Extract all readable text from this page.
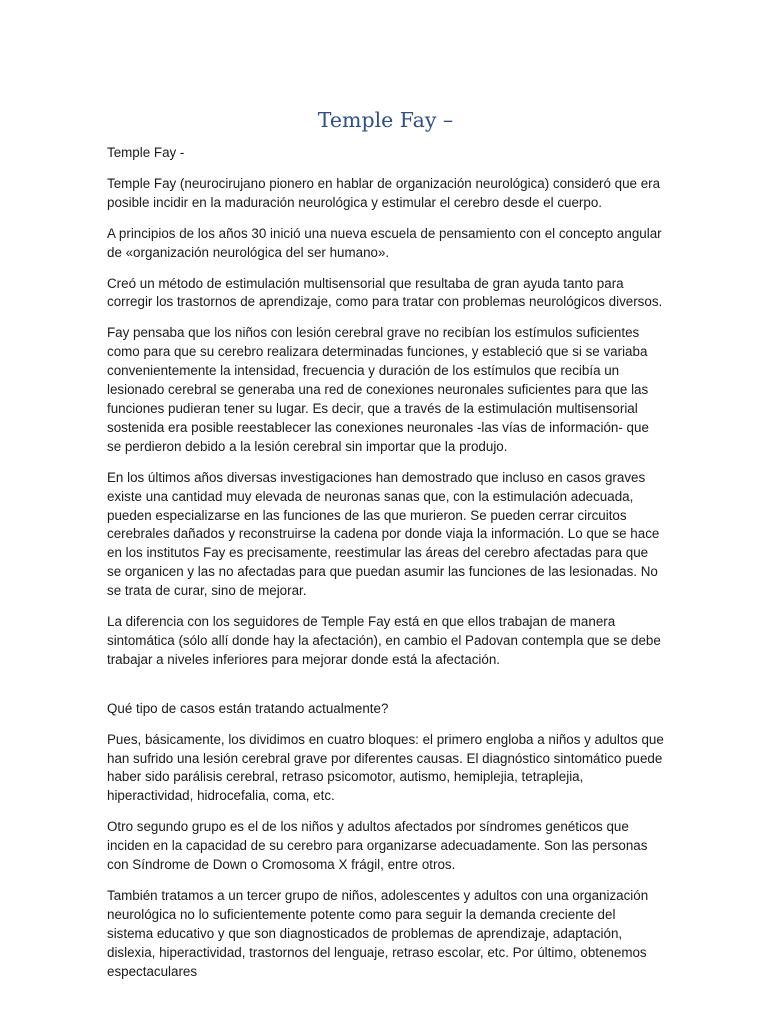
Temple Fay –

Temple Fay -

Temple Fay (neurocirujano pionero en hablar de organización neurológica) consideró que era posible incidir en la maduración neurológica y estimular el cerebro desde el cuerpo.

A principios de los años 30 inició una nueva escuela de pensamiento con el concepto angular de «organización neurológica del ser humano».

Creó un método de estimulación multisensorial que resultaba de gran ayuda tanto para corregir los trastornos de aprendizaje, como para tratar con problemas neurológicos diversos.

Fay pensaba que los niños con lesión cerebral grave no recibían los estímulos suficientes como para que su cerebro realizara determinadas funciones, y estableció que si se variaba convenientemente la intensidad, frecuencia y duración de los estímulos que recibía un lesionado cerebral se generaba una red de conexiones neuronales suficientes para que las funciones pudieran tener su lugar. Es decir, que a través de la estimulación multisensorial sostenida era posible reestablecer las conexiones neuronales -las vías de información- que se perdieron debido a la lesión cerebral sin importar que la produjo.

En los últimos años diversas investigaciones han demostrado que incluso en casos graves existe una cantidad muy elevada de neuronas sanas que, con la estimulación adecuada, pueden especializarse en las funciones de las que murieron. Se pueden cerrar circuitos cerebrales dañados y reconstruirse la cadena por donde viaja la información. Lo que se hace en los institutos Fay es precisamente, reestimular las áreas del cerebro afectadas para que se organicen y las no afectadas para que puedan asumir las funciones de las lesionadas. No se trata de curar, sino de mejorar.

La diferencia con los seguidores de Temple Fay está en que ellos trabajan de manera sintomática (sólo allí donde hay la afectación), en cambio el Padovan contempla que se debe trabajar a niveles inferiores para mejorar donde está la afectación.

Qué tipo de casos están tratando actualmente?

Pues, básicamente, los dividimos en cuatro bloques: el primero engloba a niños y adultos que han sufrido una lesión cerebral grave por diferentes causas. El diagnóstico sintomático puede haber sido parálisis cerebral, retraso psicomotor, autismo, hemiplejia, tetraplejia, hiperactividad, hidrocefalia, coma, etc.

Otro segundo grupo es el de los niños y adultos afectados por síndromes genéticos que inciden en la capacidad de su cerebro para organizarse adecuadamente. Son las personas con Síndrome de Down o Cromosoma X frágil, entre otros.

También tratamos a un tercer grupo de niños, adolescentes y adultos con una organización neurológica no lo suficientemente potente como para seguir la demanda creciente del sistema educativo y que son diagnosticados de problemas de aprendizaje, adaptación, dislexia, hiperactividad, trastornos del lenguaje, retraso escolar, etc. Por último, obtenemos espectaculares
